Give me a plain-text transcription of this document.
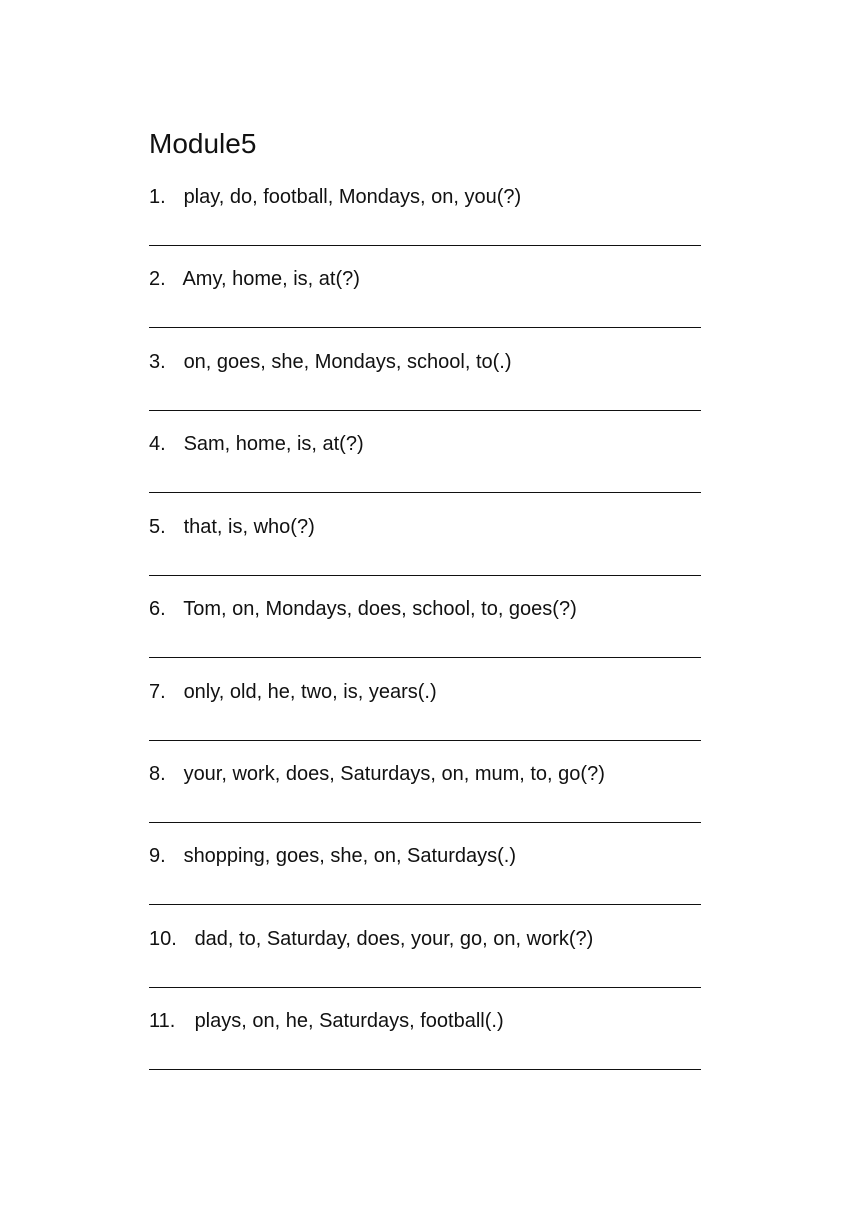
Module5
1. play, do, football, Mondays, on, you(?)
2. Amy, home, is, at(?)
3. on, goes, she, Mondays, school, to(.)
4. Sam, home, is, at(?)
5. that, is, who(?)
6. Tom, on, Mondays, does, school, to, goes(?)
7. only, old, he, two, is, years(.)
8. your, work, does, Saturdays, on, mum, to, go(?)
9. shopping, goes, she, on, Saturdays(.)
10. dad, to, Saturday, does, your, go, on, work(?)
11. plays, on, he, Saturdays, football(.)
